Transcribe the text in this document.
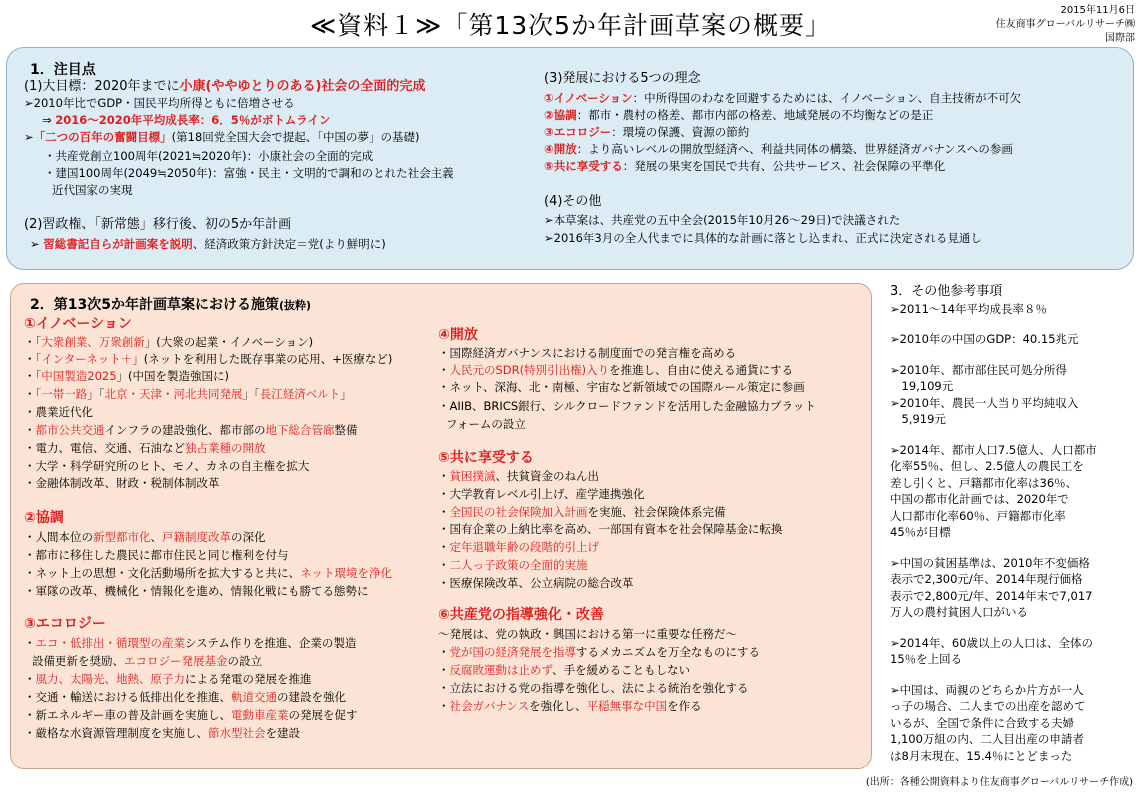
≪資料１≫「第13次5か年計画草案の概要」
2015年11月6日
住友商事グローバルリサーチ㈱
国際部
1．注目点
(1)大目標：2020年までに小康(ややゆとりのある)社会の全面的完成
➢2010年比でGDP・国民平均所得ともに倍増させる
⇒ 2016～2020年平均成長率：6．5％がボトムライン
➢「二つの百年の奮闘目標」(第18回党全国大会で提起、「中国の夢」の基礎)
・共産党創立100周年(2021≒2020年)：小康社会の全面的完成
・建国100周年(2049≒2050年)：富強・民主・文明的で調和のとれた社会主義
近代国家の実現
(2)習政権、「新常態」移行後、初の5か年計画
➢ 習総書記自らが計画案を説明、経済政策方針決定＝党(より鮮明に)
(3)発展における5つの理念
①イノベーション：中所得国のわなを回避するためには、イノベーション、自主技術が不可欠
②協調：都市・農村の格差、都市内部の格差、地域発展の不均衡などの是正
③エコロジー：環境の保護、資源の節約
④開放：より高いレベルの開放型経済へ、利益共同体の構築、世界経済ガバナンスへの参画
⑤共に享受する：発展の果実を国民で共有、公共サービス、社会保障の平準化
(4)その他
➢本草案は、共産党の五中全会(2015年10月26～29日)で決議された
➢2016年3月の全人代までに具体的な計画に落とし込まれ、正式に決定される見通し
2．第13次5か年計画草案における施策(抜粋)
①イノベーション
・「大衆創業、万衆創新」(大衆の起業・イノベーション)
・「インターネット＋」(ネットを利用した既存事業の応用、+医療など)
・「中国製造2025」(中国を製造強国に)
・「一帯一路」「北京・天津・河北共同発展」「長江経済ベルト」
・農業近代化
・都市公共交通インフラの建設強化、都市部の地下総合管廊整備
・電力、電信、交通、石油など独占業種の開放
・大学・科学研究所のヒト、モノ、カネの自主権を拡大
・金融体制改革、財政・税制体制改革
②協調
・人間本位の新型都市化、戸籍制度改革の深化
・都市に移住した農民に都市住民と同じ権利を付与
・ネット上の思想・文化活動場所を拡大すると共に、ネット環境を浄化
・軍隊の改革、機械化・情報化を進め、情報化戦にも勝てる態勢に
③エコロジー
・エコ・低排出・循環型の産業システム作りを推進、企業の製造
設備更新を奨励、エコロジー発展基金の設立
・風力、太陽光、地熱、原子力による発電の発展を推進
・交通・輸送における低排出化を推進、軌道交通の建設を強化
・新エネルギー車の普及計画を実施し、電動車産業の発展を促す
・厳格な水資源管理制度を実施し、節水型社会を建設
④開放
・国際経済ガバナンスにおける制度面での発言権を高める
・人民元のSDR(特別引出権)入りを推進し、自由に使える通貨にする
・ネット、深海、北・南極、宇宙など新領域での国際ルール策定に参画
・AIIB、BRICS銀行、シルクロードファンドを活用した金融協力プラット
フォームの設立
⑤共に享受する
・貧困撲滅、扶貧資金のねん出
・大学教育レベル引上げ、産学連携強化
・全国民の社会保険加入計画を実施、社会保険体系完備
・国有企業の上納比率を高め、一部国有資本を社会保障基金に転換
・定年退職年齢の段階的引上げ
・二人っ子政策の全面的実施
・医療保険改革、公立病院の総合改革
⑥共産党の指導強化・改善
～発展は、党の執政・興国における第一に重要な任務だ～
・党が国の経済発展を指導するメカニズムを万全なものにする
・反腐敗運動は止めず、手を緩めることもしない
・立法における党の指導を強化し、法による統治を強化する
・社会ガバナンスを強化し、平穏無事な中国を作る

3．その他参考事項

➢2011～14年平均成長率８％

➢2010年の中国のGDP：40.15兆元

➢2010年、都市部住民可処分所得
　19,109元
➢2010年、農民一人当り平均純収入
　5,919元

➢2014年、都市人口7.5億人、人口都市
化率55％、但し、2.5億人の農民工を
差し引くと、戸籍都市化率は36％、
中国の都市化計画では、2020年で
人口都市化率60％、戸籍都市化率
45％が目標

➢中国の貧困基準は、2010年不変価格
表示で2,300元/年、2014年現行価格
表示で2,800元/年、2014年末で7,017
万人の農村貧困人口がいる

➢2014年、60歳以上の人口は、全体の
15％を上回る

➢中国は、両親のどちらか片方が一人
っ子の場合、二人までの出産を認めて
いるが、全国で条件に合致する夫婦
1,100万組の内、二人目出産の申請者
は8月末現在、15.4％にとどまった

(出所：各種公開資料より住友商事グローバルリサーチ作成)
